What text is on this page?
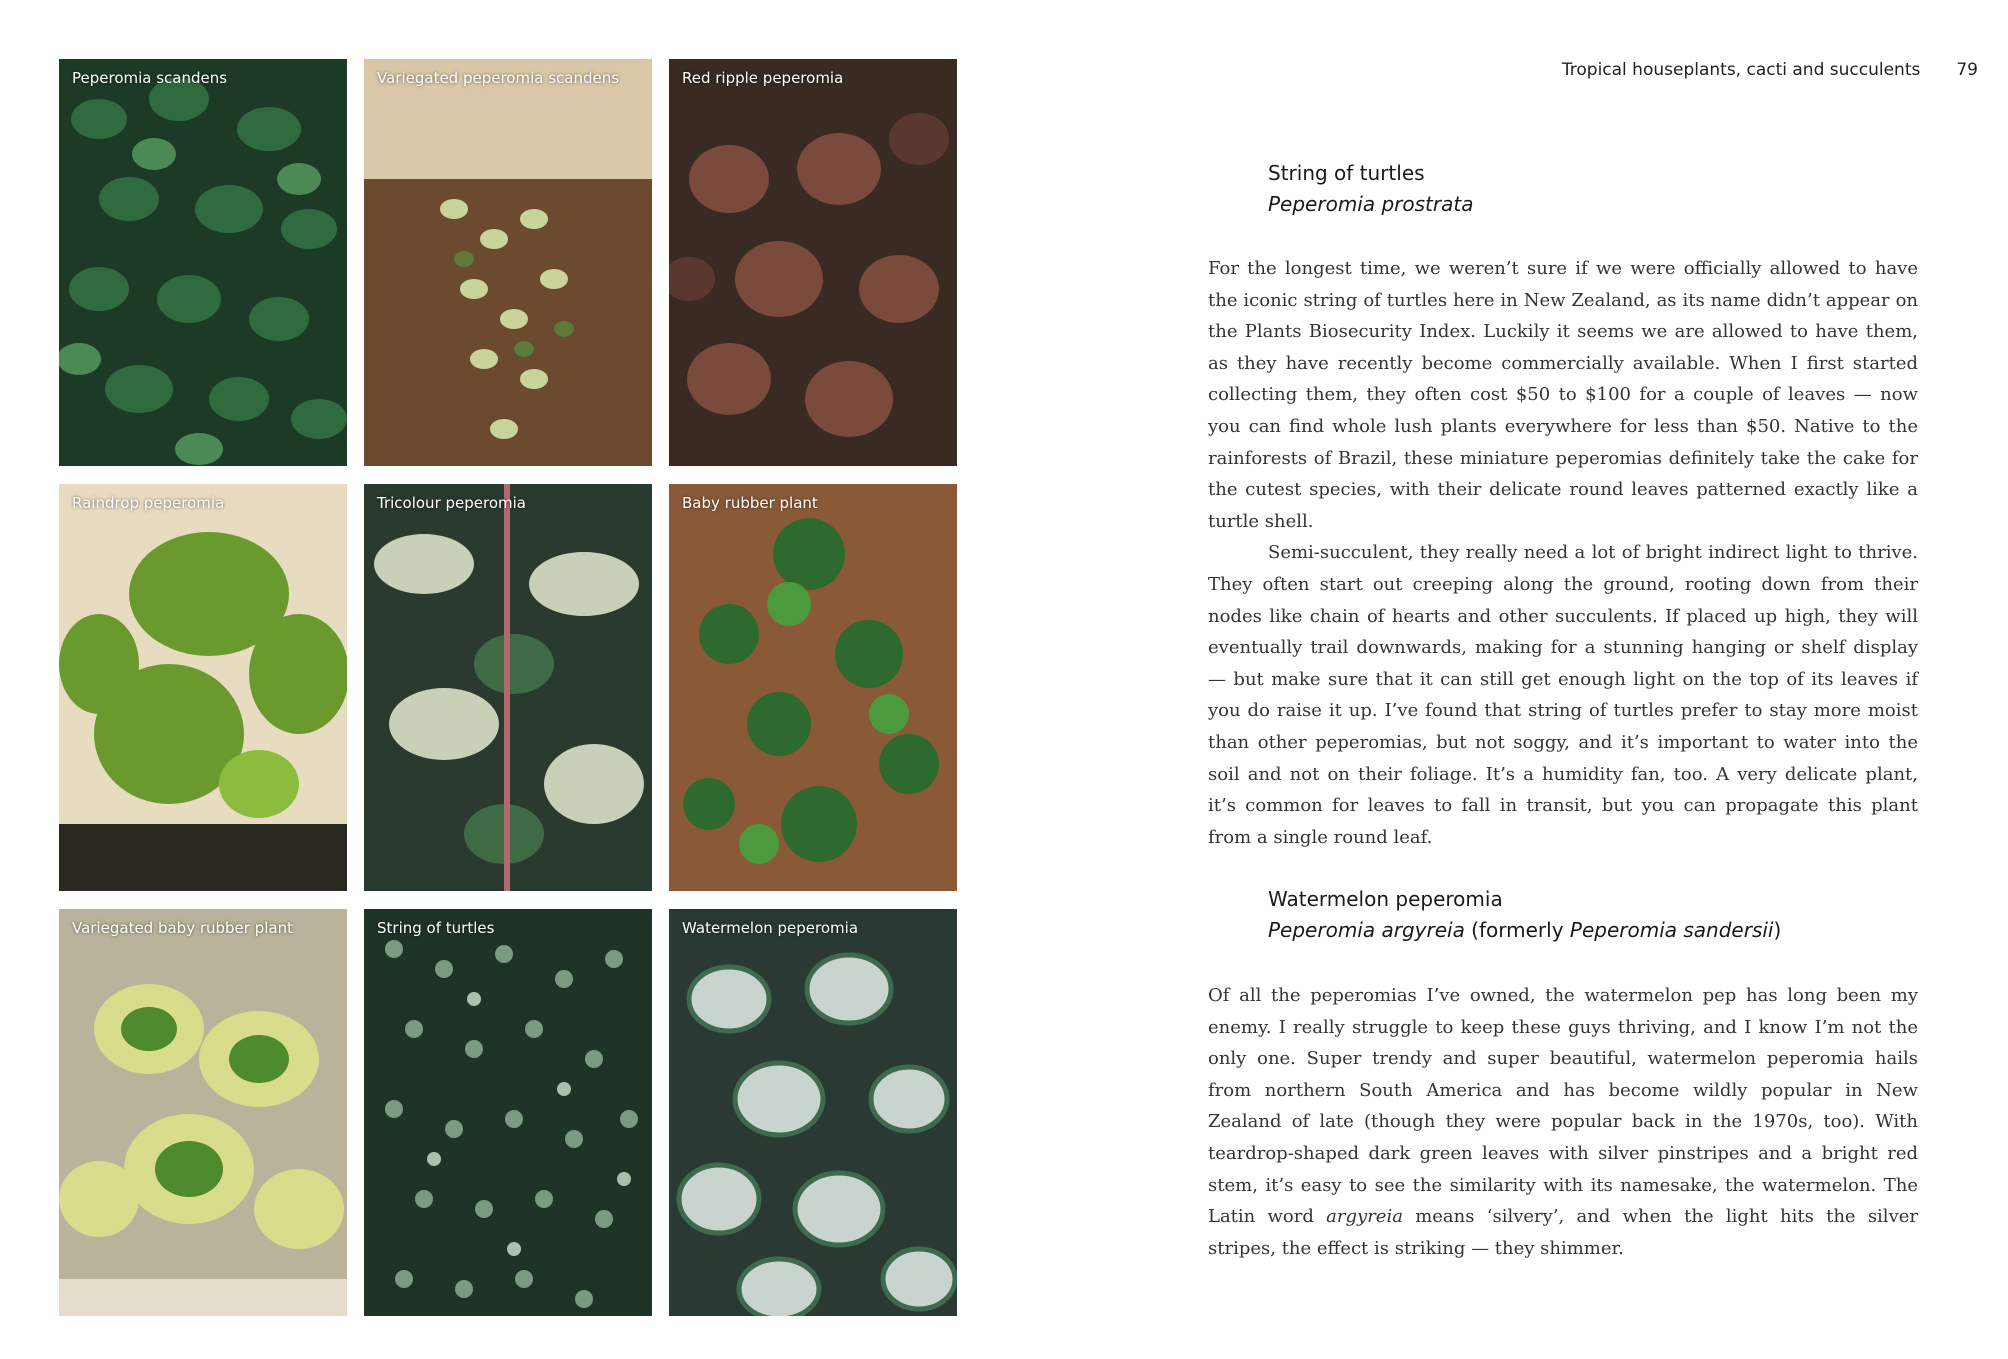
Peperomia scandens	Variegated peperomia scandens	Red ripple peperomia
Raindrop peperomia	Tricolour peperomia	Baby rubber plant
Variegated baby rubber plant	String of turtles	Watermelon peperomia
Tropical houseplants, cacti and succulents 79
String of turtles
Peperomia prostrata

For the longest time, we weren’t sure if we were officially allowed to have the iconic string of turtles here in New Zealand, as its name didn’t appear on the Plants Biosecurity Index. Luckily it seems we are allowed to have them, as they have recently become commercially available. When I first started collecting them, they often cost $50 to $100 for a couple of leaves — now you can find whole lush plants everywhere for less than $50. Native to the rainforests of Brazil, these miniature peperomias definitely take the cake for the cutest species, with their delicate round leaves patterned exactly like a turtle shell.

Semi-succulent, they really need a lot of bright indirect light to thrive. They often start out creeping along the ground, rooting down from their nodes like chain of hearts and other succulents. If placed up high, they will eventually trail downwards, making for a stunning hanging or shelf display — but make sure that it can still get enough light on the top of its leaves if you do raise it up. I’ve found that string of turtles prefer to stay more moist than other peperomias, but not soggy, and it’s important to water into the soil and not on their foliage. It’s a humidity fan, too. A very delicate plant, it’s common for leaves to fall in transit, but you can propagate this plant from a single round leaf.

Watermelon peperomia
Peperomia argyreia (formerly Peperomia sandersii)

Of all the peperomias I’ve owned, the watermelon pep has long been my enemy. I really struggle to keep these guys thriving, and I know I’m not the only one. Super trendy and super beautiful, watermelon peperomia hails from northern South America and has become wildly popular in New Zealand of late (though they were popular back in the 1970s, too). With teardrop-shaped dark green leaves with silver pinstripes and a bright red stem, it’s easy to see the similarity with its namesake, the watermelon. The Latin word argyreia means ‘silvery’, and when the light hits the silver stripes, the effect is striking — they shimmer.
